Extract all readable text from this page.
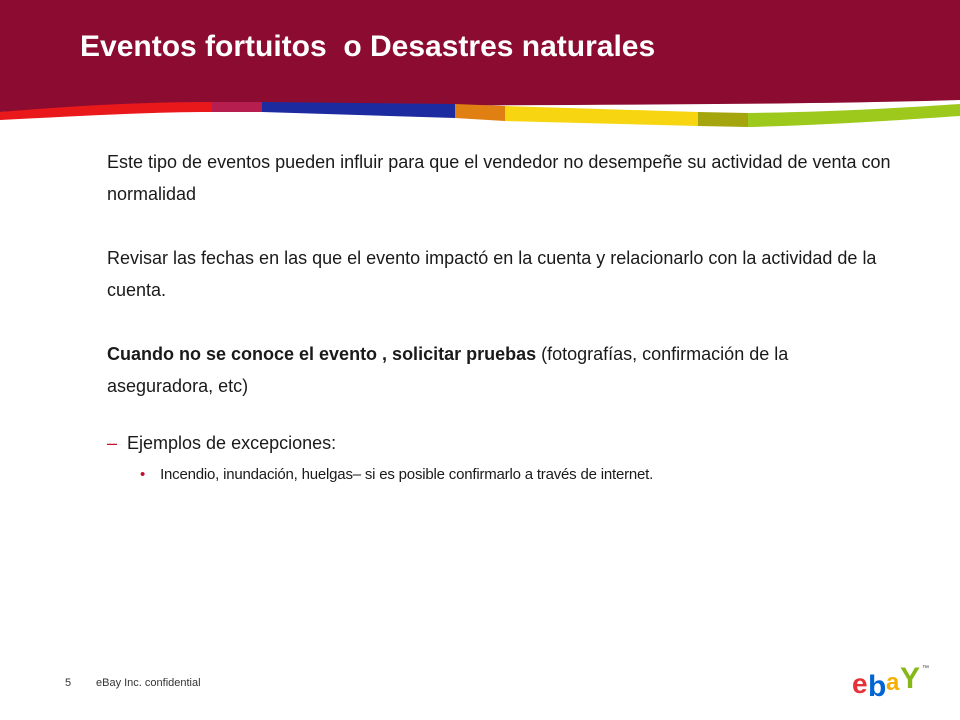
Eventos fortuitos  o Desastres naturales

Este tipo de eventos pueden influir para que el vendedor no desempeñe su actividad de venta con normalidad

Revisar las fechas en las que el evento impactó en la cuenta y relacionarlo con la actividad de la cuenta.

Cuando no se conoce el evento , solicitar pruebas (fotografías, confirmación de la aseguradora, etc)

– Ejemplos de excepciones:
• Incendio, inundación, huelgas– si es posible confirmarlo a través de internet.
5 eBay Inc. confidential	e b a Y ™
